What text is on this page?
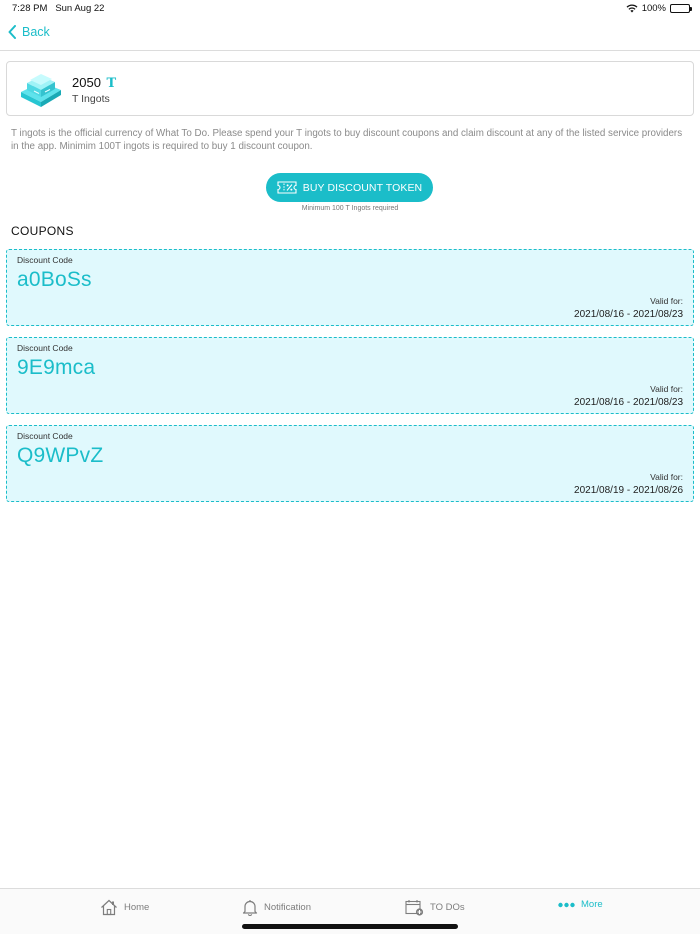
7:28 PM Sun Aug 22	100%
Back
2050 T
T Ingots

T ingots is the official currency of What To Do. Please spend your T ingots to buy discount coupons and claim discount at any of the listed service providers in the app. Minimim 100T ingots is required to buy 1 discount coupon.

BUY DISCOUNT TOKEN
Minimum 100 T Ingots required
COUPONS
Discount Code
a0BoSs
Valid for:
2021/08/16 - 2021/08/23
Discount Code
9E9mca
Valid for:
2021/08/16 - 2021/08/23
Discount Code
Q9WPvZ
Valid for:
2021/08/19 - 2021/08/26
Home	Notification	TO DOs	More
